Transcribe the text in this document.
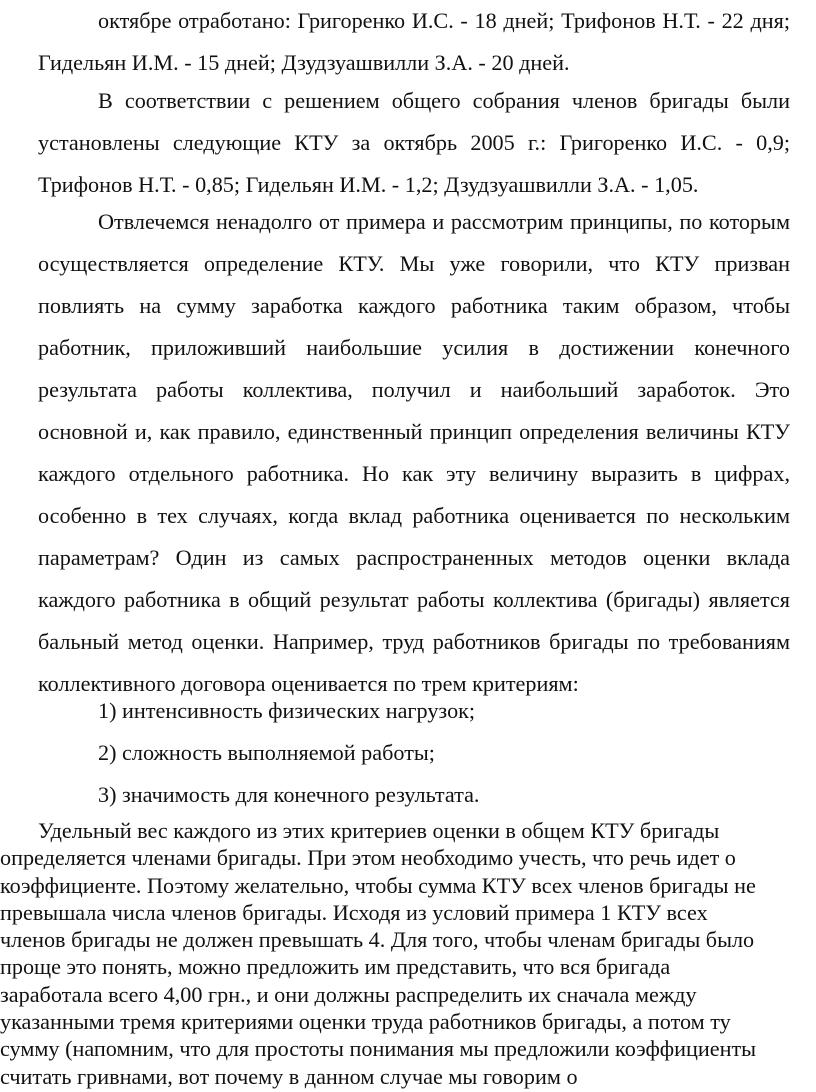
октябре отработано: Григоренко И.С. - 18 дней; Трифонов Н.Т. - 22 дня; Гидельян И.М. - 15 дней; Дзудзуашвилли З.А. - 20 дней.

В соответствии с решением общего собрания членов бригады были установлены следующие КТУ за октябрь 2005 г.: Григоренко И.С. - 0,9; Трифонов Н.Т. - 0,85; Гидельян И.М. - 1,2; Дзудзуашвилли З.А. - 1,05.

Отвлечемся ненадолго от примера и рассмотрим принципы, по которым осуществляется определение КТУ. Мы уже говорили, что КТУ призван повлиять на сумму заработка каждого работника таким образом, чтобы работник, приложивший наибольшие усилия в достижении конечного результата работы коллектива, получил и наибольший заработок. Это основной и, как правило, единственный принцип определения величины КТУ каждого отдельного работника. Но как эту величину выразить в цифрах, особенно в тех случаях, когда вклад работника оценивается по нескольким параметрам? Один из самых распространенных методов оценки вклада каждого работника в общий результат работы коллектива (бригады) является бальный метод оценки. Например, труд работников бригады по требованиям коллективного договора оценивается по трем критериям:

1) интенсивность физических нагрузок;

2) сложность выполняемой работы;

3) значимость для конечного результата.

Удельный вес каждого из этих критериев оценки в общем КТУ бригады
определяется членами бригады. При этом необходимо учесть, что речь идет о
коэффициенте. Поэтому желательно, чтобы сумма КТУ всех членов бригады не
превышала числа членов бригады. Исходя из условий примера 1 КТУ всех
членов бригады не должен превышать 4. Для того, чтобы членам бригады было
проще это понять, можно предложить им представить, что вся бригада
заработала всего 4,00 грн., и они должны распределить их сначала между
указанными тремя критериями оценки труда работников бригады, а потом ту
сумму (напомним, что для простоты понимания мы предложили коэффициенты
считать гривнами, вот почему в данном случае мы говорим о
